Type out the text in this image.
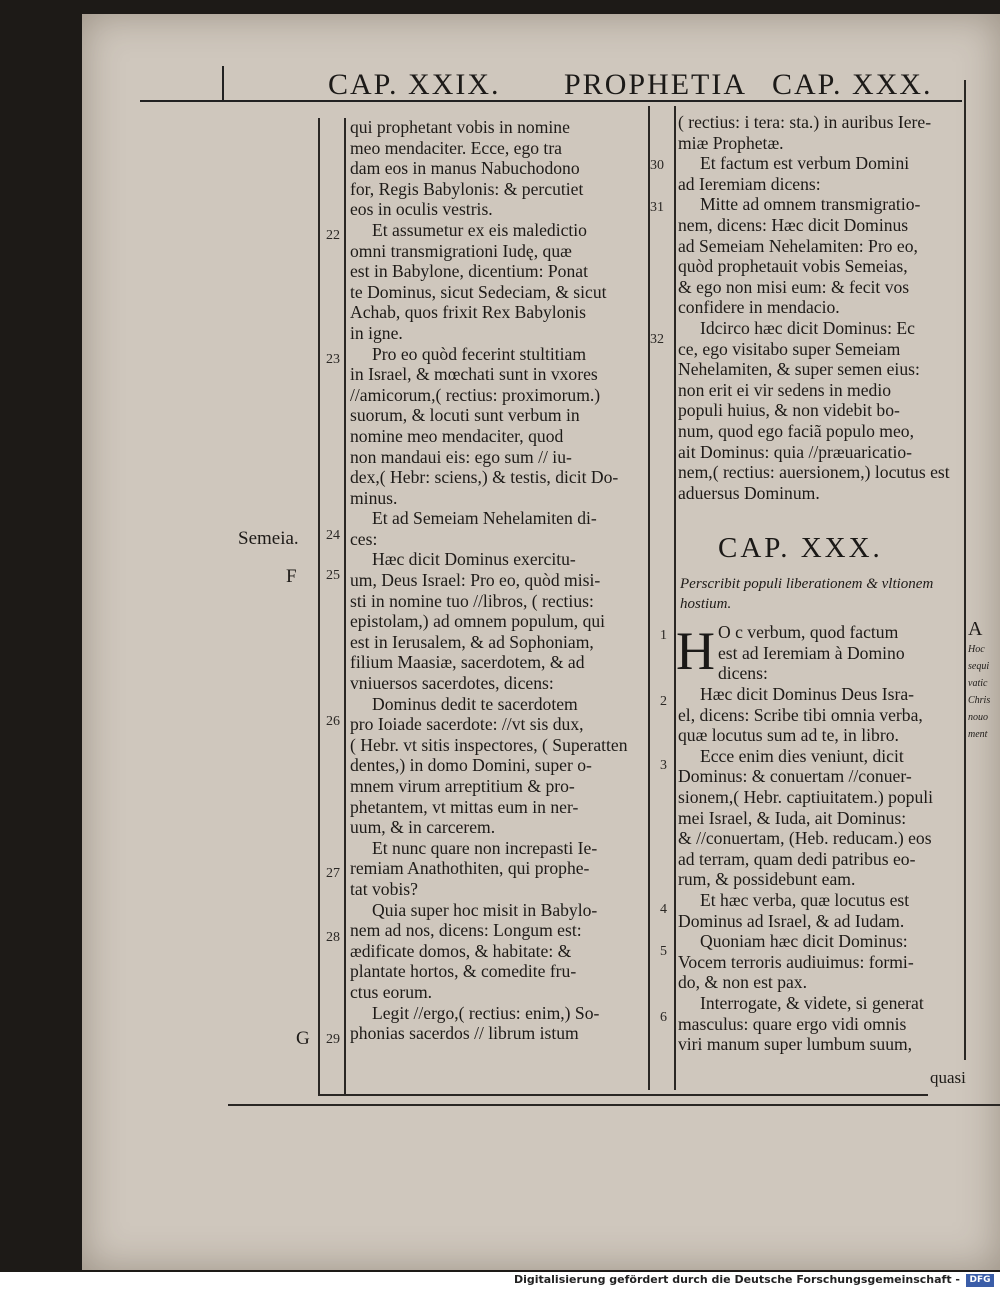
CAP. XXIX. PROPHETIA CAP. XXX.
Semeia.
F
G
22
23
24
25
26
27
28
29
qui prophetant vobis in nomine
meo mendaciter. Ecce, ego tra
dam eos in manus Nabuchodono
for, Regis Babylonis: & percutiet
eos in oculis vestris.
Et assumetur ex eis maledictio
omni transmigrationi Iudę, quæ
est in Babylone, dicentium: Ponat
te Dominus, sicut Sedeciam, & sicut
Achab, quos frixit Rex Babylonis
in igne.
Pro eo quòd fecerint stultitiam
in Israel, & mœchati sunt in vxores
//amicorum,( rectius: proximorum.)
suorum, & locuti sunt verbum in
nomine meo mendaciter, quod
non mandaui eis: ego sum // iu-
dex,( Hebr: sciens,) & testis, dicit Do-
minus.
Et ad Semeiam Nehelamiten di-
ces:
Hæc dicit Dominus exercitu-
um, Deus Israel: Pro eo, quòd misi-
sti in nomine tuo //libros, ( rectius:
epistolam,) ad omnem populum, qui
est in Ierusalem, & ad Sophoniam,
filium Maasiæ, sacerdotem, & ad
vniuersos sacerdotes, dicens:
Dominus dedit te sacerdotem
pro Ioiade sacerdote: //vt sis dux,
( Hebr. vt sitis inspectores, ( Superatten
dentes,) in domo Domini, super o-
mnem virum arreptitium & pro-
phetantem, vt mittas eum in ner-
uum, & in carcerem.
Et nunc quare non increpasti Ie-
remiam Anathothiten, qui prophe-
tat vobis?
Quia super hoc misit in Babylo-
nem ad nos, dicens: Longum est:
ædificate domos, & habitate: &
plantate hortos, & comedite fru-
ctus eorum.
Legit //ergo,( rectius: enim,) So-
phonias sacerdos // librum istum
30
31
32
( rectius: i tera: sta.) in auribus Iere-
miæ Prophetæ.
Et factum est verbum Domini
ad Ieremiam dicens:
Mitte ad omnem transmigratio-
nem, dicens: Hæc dicit Dominus
ad Semeiam Nehelamiten: Pro eo,
quòd prophetauit vobis Semeias,
& ego non misi eum: & fecit vos
confidere in mendacio.
Idcirco hæc dicit Dominus: Ec
ce, ego visitabo super Semeiam
Nehelamiten, & super semen eius:
non erit ei vir sedens in medio
populi huius, & non videbit bo-
num, quod ego faciã populo meo,
ait Dominus: quia //præuaricatio-
nem,( rectius: auersionem,) locutus est
aduersus Dominum.
CAP. XXX.
Perscribit populi liberationem & vltionem hostium.
H
1
2
3
4
5
6
O c verbum, quod factum
est ad Ieremiam à Domino
dicens:
Hæc dicit Dominus Deus Isra-
el, dicens: Scribe tibi omnia verba,
quæ locutus sum ad te, in libro.
Ecce enim dies veniunt, dicit
Dominus: & conuertam //conuer-
sionem,( Hebr. captiuitatem.) populi
mei Israel, & Iuda, ait Dominus:
& //conuertam, (Heb. reducam.) eos
ad terram, quam dedi patribus eo-
rum, & possidebunt eam.
Et hæc verba, quæ locutus est
Dominus ad Israel, & ad Iudam.
Quoniam hæc dicit Dominus:
Vocem terroris audiuimus: formi-
do, & non est pax.
Interrogate, & videte, si generat
masculus: quare ergo vidi omnis
viri manum super lumbum suum,
A
Hoc
sequi
vatic
Chris
nouo
ment
quasi
Digitalisierung gefördert durch die Deutsche Forschungsgemeinschaft -	DFG
